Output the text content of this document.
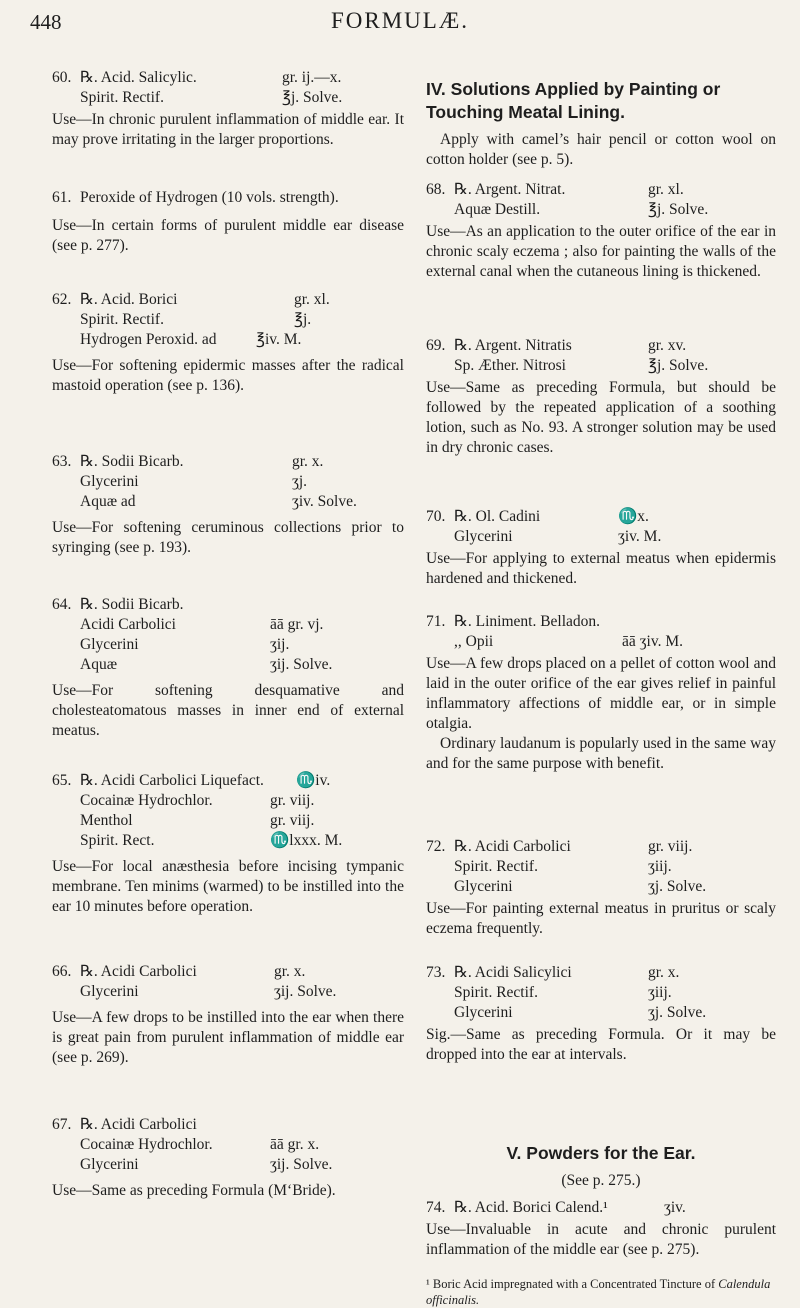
448	FORMULÆ.
60. ℞. Acid. Salicylic.	gr. ij.—x.
Spirit. Rectif.	℥j. Solve.

Use—In chronic purulent inflammation of middle ear. It may prove irritating in the larger proportions.

61. Peroxide of Hydrogen (10 vols. strength).

Use—In certain forms of purulent middle ear disease (see p. 277).

62. ℞. Acid. Borici	gr. xl.
Spirit. Rectif.	℥j.
Hydrogen Peroxid. ad	℥iv. M.

Use—For softening epidermic masses after the radical mastoid operation (see p. 136).

63. ℞. Sodii Bicarb.	gr. x.
Glycerini	ʒj.
Aquæ ad	ʒiv. Solve.

Use—For softening ceruminous collections prior to syringing (see p. 193).

64. ℞. Sodii Bicarb.
Acidi Carbolici	āā gr. vj.
Glycerini	ʒij.
Aquæ	ʒij. Solve.

Use—For softening desquamative and cholesteatomatous masses in inner end of external meatus.

65. ℞. Acidi Carbolici Liquefact. ♏iv.
Cocainæ Hydrochlor.	gr. viij.
Menthol	gr. viij.
Spirit. Rect.	♏lxxx. M.

Use—For local anæsthesia before incising tympanic membrane. Ten minims (warmed) to be instilled into the ear 10 minutes before operation.

66. ℞. Acidi Carbolici	gr. x.
Glycerini	ʒij. Solve.

Use—A few drops to be instilled into the ear when there is great pain from purulent inflammation of middle ear (see p. 269).

67. ℞. Acidi Carbolici
Cocainæ Hydrochlor.	āā gr. x.
Glycerini	ʒij. Solve.

Use—Same as preceding Formula (M‘Bride).

IV. Solutions Applied by Painting or Touching Meatal Lining.

Apply with camel’s hair pencil or cotton wool on cotton holder (see p. 5).

68. ℞. Argent. Nitrat.	gr. xl.
Aquæ Destill.	℥j. Solve.

Use—As an application to the outer orifice of the ear in chronic scaly eczema ; also for painting the walls of the external canal when the cutaneous lining is thickened.

69. ℞. Argent. Nitratis	gr. xv.
Sp. Æther. Nitrosi	℥j. Solve.

Use—Same as preceding Formula, but should be followed by the repeated application of a soothing lotion, such as No. 93. A stronger solution may be used in dry chronic cases.

70. ℞. Ol. Cadini	♏x.
Glycerini	ʒiv. M.

Use—For applying to external meatus when epidermis hardened and thickened.

71. ℞. Liniment. Belladon.
,, Opii	āā ʒiv. M.

Use—A few drops placed on a pellet of cotton wool and laid in the outer orifice of the ear gives relief in painful inflammatory affections of middle ear, or in simple otalgia.

Ordinary laudanum is popularly used in the same way and for the same purpose with benefit.

72. ℞. Acidi Carbolici	gr. viij.
Spirit. Rectif.	ʒiij.
Glycerini	ʒj. Solve.

Use—For painting external meatus in pruritus or scaly eczema frequently.

73. ℞. Acidi Salicylici	gr. x.
Spirit. Rectif.	ʒiij.
Glycerini	ʒj. Solve.

Sig.—Same as preceding Formula. Or it may be dropped into the ear at intervals.

V. Powders for the Ear.
(See p. 275.)
74. ℞. Acid. Borici Calend.¹	ʒiv.

Use—Invaluable in acute and chronic purulent inflammation of the middle ear (see p. 275).

¹ Boric Acid impregnated with a Concentrated Tincture of Calendula officinalis.
